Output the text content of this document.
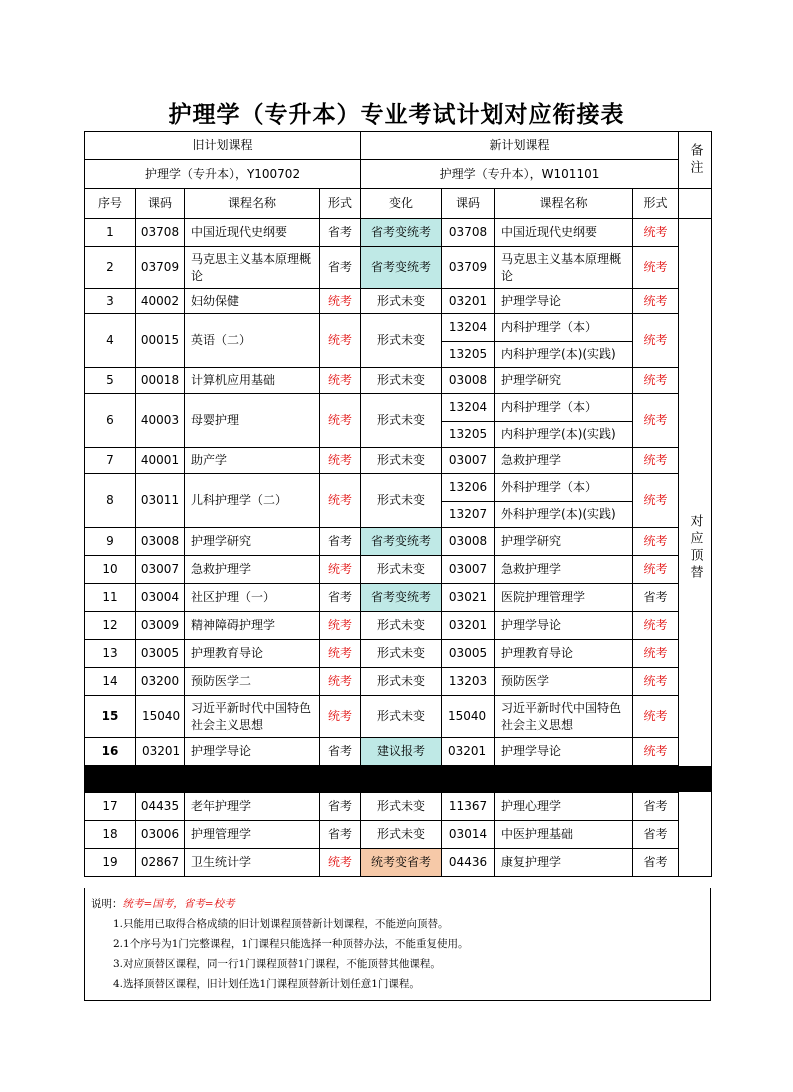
护理学（专升本）专业考试计划对应衔接表
旧计划课程				新计划课程				备注	
护理学（专升本），Y100702				护理学（专升本），W101101					
序号	课码	课程名称	形式	变化	课码	课程名称	形式		
1	03708	中国近现代史纲要	省考	省考变统考	03708	中国近现代史纲要	统考	对应顶替	
2	03709	马克思主义基本原理概论	省考	省考变统考	03709	马克思主义基本原理概论	统考		
3	40002	妇幼保健	统考	形式未变	03201	护理学导论	统考		
4	00015	英语（二）	统考	形式未变	13204	内科护理学（本）	统考		
					13205	内科护理学(本)(实践)			
5	00018	计算机应用基础	统考	形式未变	03008	护理学研究	统考		
6	40003	母婴护理	统考	形式未变	13204	内科护理学（本）	统考		
					13205	内科护理学(本)(实践)			
7	40001	助产学	统考	形式未变	03007	急救护理学	统考		
8	03011	儿科护理学（二）	统考	形式未变	13206	外科护理学（本）	统考		
					13207	外科护理学(本)(实践)			
9	03008	护理学研究	省考	省考变统考	03008	护理学研究	统考		
10	03007	急救护理学	统考	形式未变	03007	急救护理学	统考		
11	03004	社区护理（一）	省考	省考变统考	03021	医院护理管理学	省考		
12	03009	精神障碍护理学	统考	形式未变	03201	护理学导论	统考		
13	03005	护理教育导论	统考	形式未变	03005	护理教育导论	统考		
14	03200	预防医学二	统考	形式未变	13203	预防医学	统考		
15	15040	习近平新时代中国特色社会主义思想	统考	形式未变	15040	习近平新时代中国特色社会主义思想	统考		
16	03201	护理学导论	省考	建议报考	03201	护理学导论	统考		

17	04435	老年护理学	省考	形式未变	11367	护理心理学	省考	
18	03006	护理管理学	省考	形式未变	03014	中医护理基础	省考		
19	02867	卫生统计学	统考	统考变省考	04436	康复护理学	省考		

说明：统考=国考，省考=校考

1.只能用已取得合格成绩的旧计划课程顶替新计划课程，不能逆向顶替。

2.1个序号为1门完整课程，1门课程只能选择一种顶替办法，不能重复使用。

3.对应顶替区课程，同一行1门课程顶替1门课程，不能顶替其他课程。

4.选择顶替区课程，旧计划任选1门课程顶替新计划任意1门课程。
